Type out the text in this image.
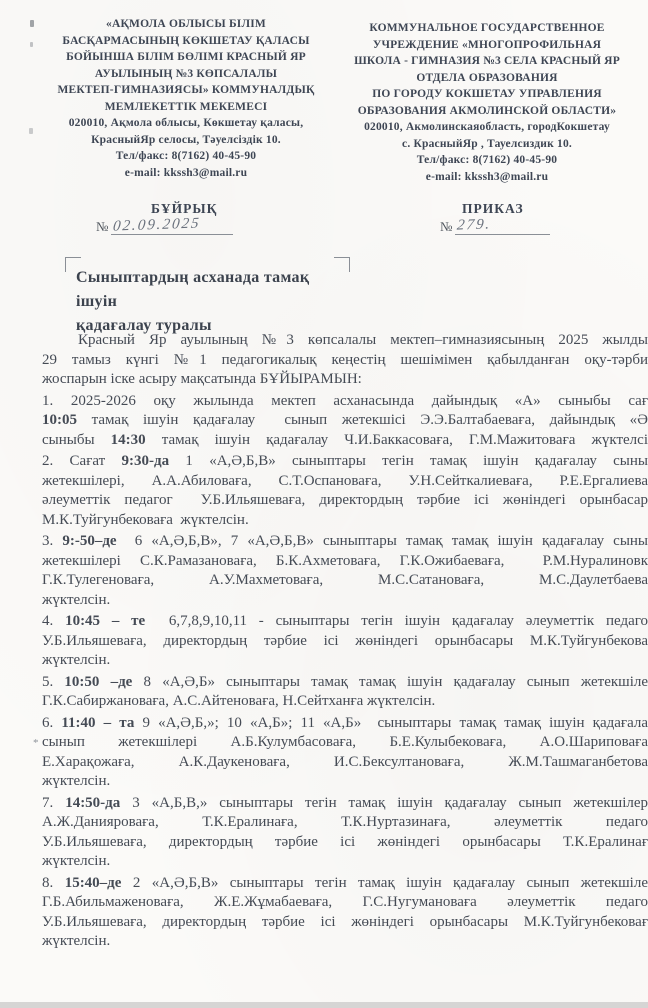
«АҚМОЛА ОБЛЫСЫ БІЛІМ
БАСҚАРМАСЫНЫҢ КӨКШЕТАУ ҚАЛАСЫ
БОЙЫНША БІЛІМ БӨЛІМІ КРАСНЫЙ ЯР
АУЫЛЫНЫҢ №3 КӨПСАЛАЛЫ
МЕКТЕП-ГИМНАЗИЯСЫ» КОММУНАЛДЫҚ
МЕМЛЕКЕТТІК МЕКЕМЕСІ
020010, Ақмола облысы, Көкшетау қаласы,
КрасныйЯр селосы, Тәуелсіздік 10.
Тел/факс: 8(7162) 40-45-90
e-mail: kkssh3@mail.ru
КОММУНАЛЬНОЕ ГОСУДАРСТВЕННОЕ
УЧРЕЖДЕНИЕ «МНОГОПРОФИЛЬНАЯ
ШКОЛА - ГИМНАЗИЯ №3 СЕЛА КРАСНЫЙ ЯР
ОТДЕЛА ОБРАЗОВАНИЯ
ПО ГОРОДУ КОКШЕТАУ УПРАВЛЕНИЯ
ОБРАЗОВАНИЯ АКМОЛИНСКОЙ ОБЛАСТИ»
020010, Акмолинскаяобласть, городКокшетау
с. КрасныйЯр , Тауелсиздик 10.
Тел/факс: 8(7162) 40-45-90
e-mail: kkssh3@mail.ru
БҰЙРЫҚ	ПРИКАЗ
№ 02.09.2025	№ 279.
Сыныптардың асханада тамақ ішуін
қадағалау туралы
Красный Яр ауылының №3 көпсалалы мектеп–гимназиясының 2025 жылды
29 тамыз күнгі №1 педагогикалық кеңестің шешімімен қабылданған оқу-тәрби
жоспарын іске асыру мақсатында БҰЙЫРАМЫН:
1. 2025-2026 оқу жылында мектеп асханасында дайындық «А» сыныбы сағ
10:05 тамақ ішуін қадағалау  сынып жетекшісі Э.Э.Балтабаеваға, дайындық «Ә
сыныбы 14:30 тамақ ішуін қадағалау Ч.И.Баккасоваға, Г.М.Мажитоваға жүктелсі
2. Сағат 9:30-да 1 «А,Ә,Б,В» сыныптары тегін тамақ ішуін қадағалау сыны
жетекшілері, А.А.Абиловаға, С.Т.Оспановаға, У.Н.Сейткалиеваға, Р.Е.Ергалиева
әлеуметтік педагог  У.Б.Ильяшеваға, директордың тәрбие ісі жөніндегі орынбасар
М.К.Туйгунбековаға  жүктелсін.
3. 9:-50–де  6 «А,Ә,Б,В», 7 «А,Ә,Б,В» сыныптары тамақ тамақ ішуін қадағалау сыны
жетекшілері С.К.Рамазановаға, Б.К.Ахметоваға, Г.К.Ожибаеваға,  Р.М.Нуралиновк
Г.К.Тулегеноваға, А.У.Махметоваға, М.С.Сатановаға, М.С.Даулетбаева
жүктелсін.
4. 10:45 – те  6,7,8,9,10,11 - сыныптары тегін ішуін қадағалау әлеуметтік педаго
У.Б.Ильяшеваға, директордың тәрбие ісі жөніндегі орынбасары М.К.Туйгунбекова
жүктелсін.
5. 10:50 –де 8 «А,Ә,Б» сыныптары тамақ тамақ ішуін қадағалау сынып жетекшіле
Г.К.Сабиржановаға, А.С.Айтеноваға, Н.Сейтханға жүктелсін.
6. 11:40 – та 9 «А,Ә,Б,»; 10 «А,Б»; 11 «А,Б»  сыныптары тамақ тамақ ішуін қадағала
сынып жетекшілері А.Б.Кулумбасоваға, Б.Е.Кулыбековаға, А.О.Шариповаға
Е.Харақожаға, А.К.Даукеноваға, И.С.Бексултановаға, Ж.М.Ташмаганбетова
жүктелсін.
7. 14:50-да 3 «А,Б,В,» сыныптары тегін тамақ ішуін қадағалау сынып жетекшілер
А.Ж.Данияроваға, Т.К.Ералинаға, Т.К.Нуртазинаға, әлеуметтік педаго
У.Б.Ильяшеваға, директордың тәрбие ісі жөніндегі орынбасары Т.К.Ералинағ
жүктелсін.
8. 15:40–де 2 «А,Ә,Б,В» сыныптары тегін тамақ ішуін қадағалау сынып жетекшіле
Г.Б.Абильмаженоваға, Ж.Е.Жұмабаеваға, Г.С.Нугумановаға әлеуметтік педаго
У.Б.Ильяшеваға, директордың тәрбие ісі жөніндегі орынбасары М.К.Туйгунбековағ
жүктелсін.
*
